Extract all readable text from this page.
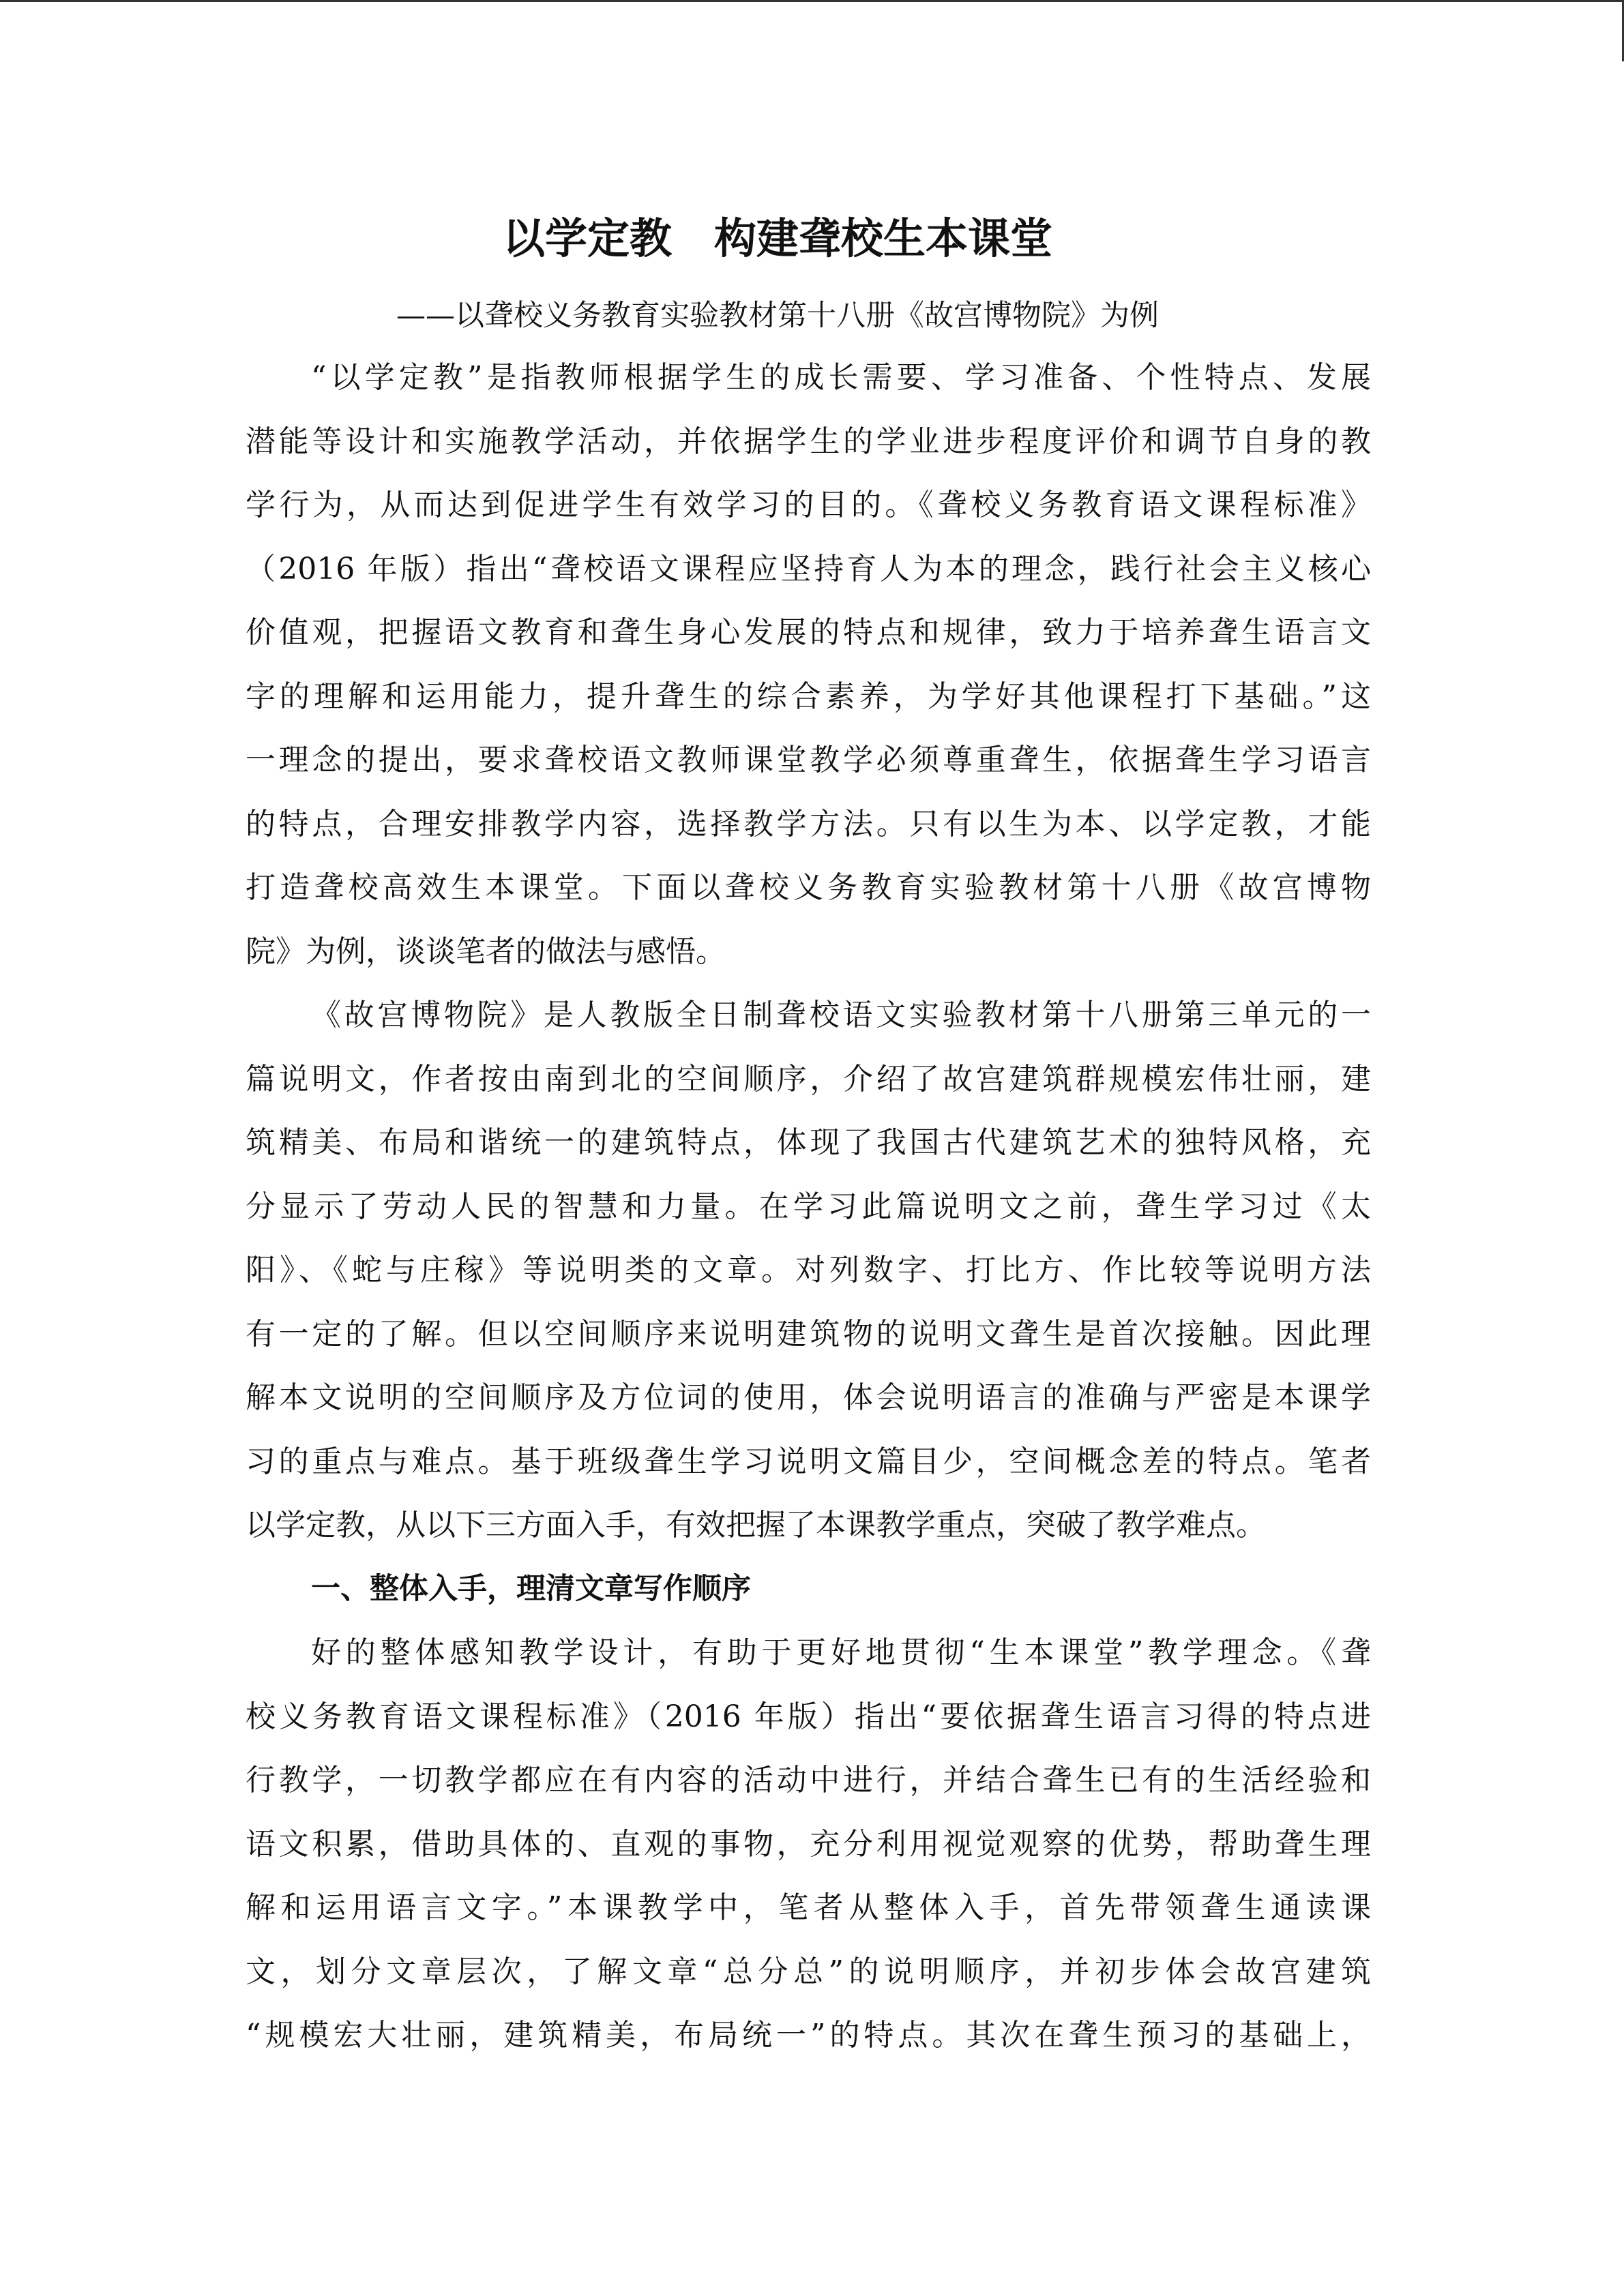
以学定教　构建聋校生本课堂

——以聋校义务教育实验教材第十八册《故宫博物院》为例

“以学定教”是指教师根据学生的成长需要、学习准备、个性特点、发展
潜能等设计和实施教学活动，并依据学生的学业进步程度评价和调节自身的教
学行为，从而达到促进学生有效学习的目的。《聋校义务教育语文课程标准》
（2016 年版）指出“聋校语文课程应坚持育人为本的理念，践行社会主义核心
价值观，把握语文教育和聋生身心发展的特点和规律，致力于培养聋生语言文
字的理解和运用能力，提升聋生的综合素养，为学好其他课程打下基础。”这
一理念的提出，要求聋校语文教师课堂教学必须尊重聋生，依据聋生学习语言
的特点，合理安排教学内容，选择教学方法。只有以生为本、以学定教，才能
打造聋校高效生本课堂。下面以聋校义务教育实验教材第十八册《故宫博物
院》为例，谈谈笔者的做法与感悟。
《故宫博物院》是人教版全日制聋校语文实验教材第十八册第三单元的一
篇说明文，作者按由南到北的空间顺序，介绍了故宫建筑群规模宏伟壮丽，建
筑精美、布局和谐统一的建筑特点，体现了我国古代建筑艺术的独特风格，充
分显示了劳动人民的智慧和力量。在学习此篇说明文之前，聋生学习过《太
阳》、《蛇与庄稼》等说明类的文章。对列数字、打比方、作比较等说明方法
有一定的了解。但以空间顺序来说明建筑物的说明文聋生是首次接触。因此理
解本文说明的空间顺序及方位词的使用，体会说明语言的准确与严密是本课学
习的重点与难点。基于班级聋生学习说明文篇目少，空间概念差的特点。笔者
以学定教，从以下三方面入手，有效把握了本课教学重点，突破了教学难点。
一、整体入手，理清文章写作顺序
好的整体感知教学设计，有助于更好地贯彻“生本课堂”教学理念。《聋
校义务教育语文课程标准》（2016 年版）指出“要依据聋生语言习得的特点进
行教学，一切教学都应在有内容的活动中进行，并结合聋生已有的生活经验和
语文积累，借助具体的、直观的事物，充分利用视觉观察的优势，帮助聋生理
解和运用语言文字。”本课教学中，笔者从整体入手，首先带领聋生通读课
文，划分文章层次，了解文章“总分总”的说明顺序，并初步体会故宫建筑
“规模宏大壮丽，建筑精美，布局统一”的特点。其次在聋生预习的基础上，
